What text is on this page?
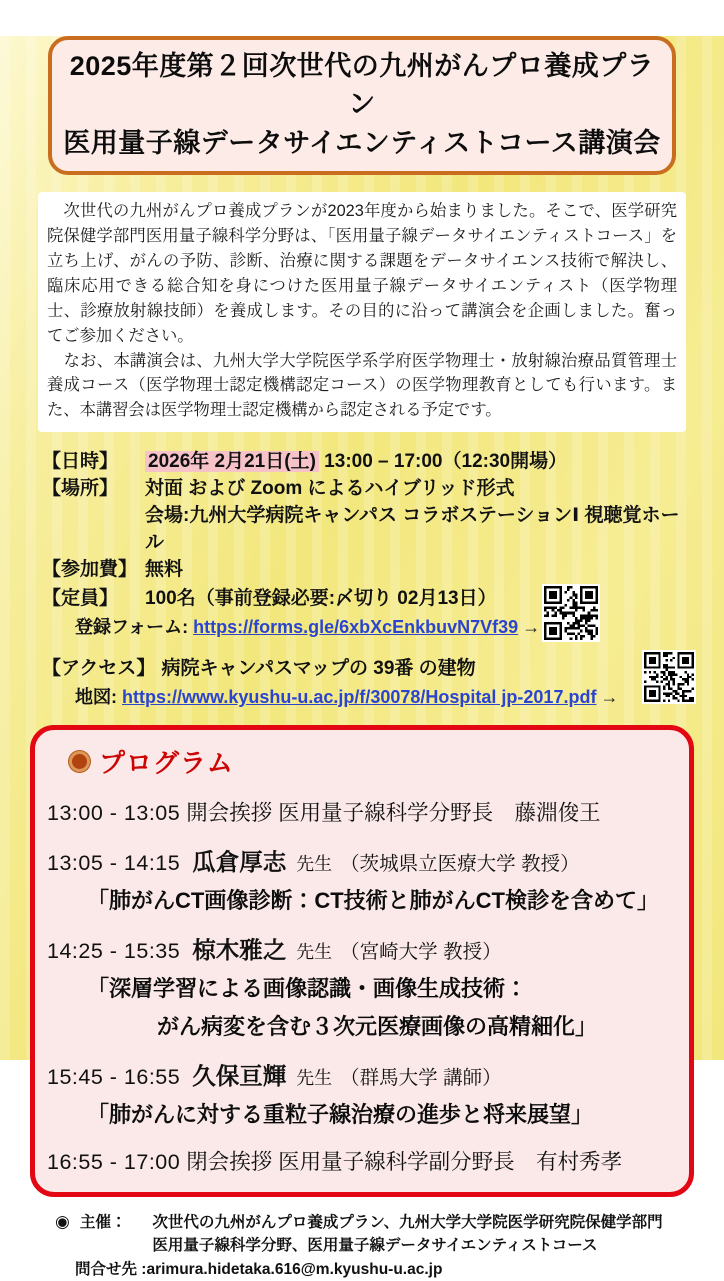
2025年度第２回次世代の九州がんプロ養成プラン
医用量子線データサイエンティストコース講演会

　次世代の九州がんプロ養成プランが2023年度から始まりました。そこで、医学研究院保健学部門医用量子線科学分野は、「医用量子線データサイエンティストコース」を立ち上げ、がんの予防、診断、治療に関する課題をデータサイエンス技術で解決し、臨床応用できる総合知を身につけた医用量子線データサイエンティスト（医学物理士、診療放射線技師）を養成します。その目的に沿って講演会を企画しました。奮ってご参加ください。

　なお、本講演会は、九州大学大学院医学系学府医学物理士・放射線治療品質管理士養成コース（医学物理士認定機構認定コース）の医学物理教育としても行います。また、本講習会は医学物理士認定機構から認定される予定です。

【日時】	2026年 2月21日(土) 13:00 – 17:00（12:30開場）
【場所】	対面 および Zoom によるハイブリッド形式
会場:九州大学病院キャンパス コラボステーションⅠ 視聴覚ホール
【参加費】 無料
【定員】	100名（事前登録必要:〆切り 02月13日）
登録フォーム: https://forms.gle/6xbXcEnkbuvN7Vf39 →
【アクセス】 病院キャンパスマップの 39番 の建物
地図: https://www.kyushu-u.ac.jp/f/30078/Hospital jp-2017.pdf →
プログラム
13:00 - 13:05 開会挨拶 医用量子線科学分野長　藤淵俊王
13:05 - 14:15 瓜倉厚志 先生 （茨城県立医療大学 教授）
「肺がんCT画像診断：CT技術と肺がんCT検診を含めて」
14:25 - 15:35 椋木雅之 先生 （宮崎大学 教授）
「深層学習による画像認識・画像生成技術：
がん病変を含む３次元医療画像の高精細化」
15:45 - 16:55 久保亘輝 先生 （群馬大学 講師）
「肺がんに対する重粒子線治療の進歩と将来展望」
16:55 - 17:00 閉会挨拶 医用量子線科学副分野長　有村秀孝
◉ 主催： 次世代の九州がんプロ養成プラン、九州大学大学院医学研究院保健学部門
医用量子線科学分野、医用量子線データサイエンティストコース
問合せ先 :arimura.hidetaka.616@m.kyushu-u.ac.jp
